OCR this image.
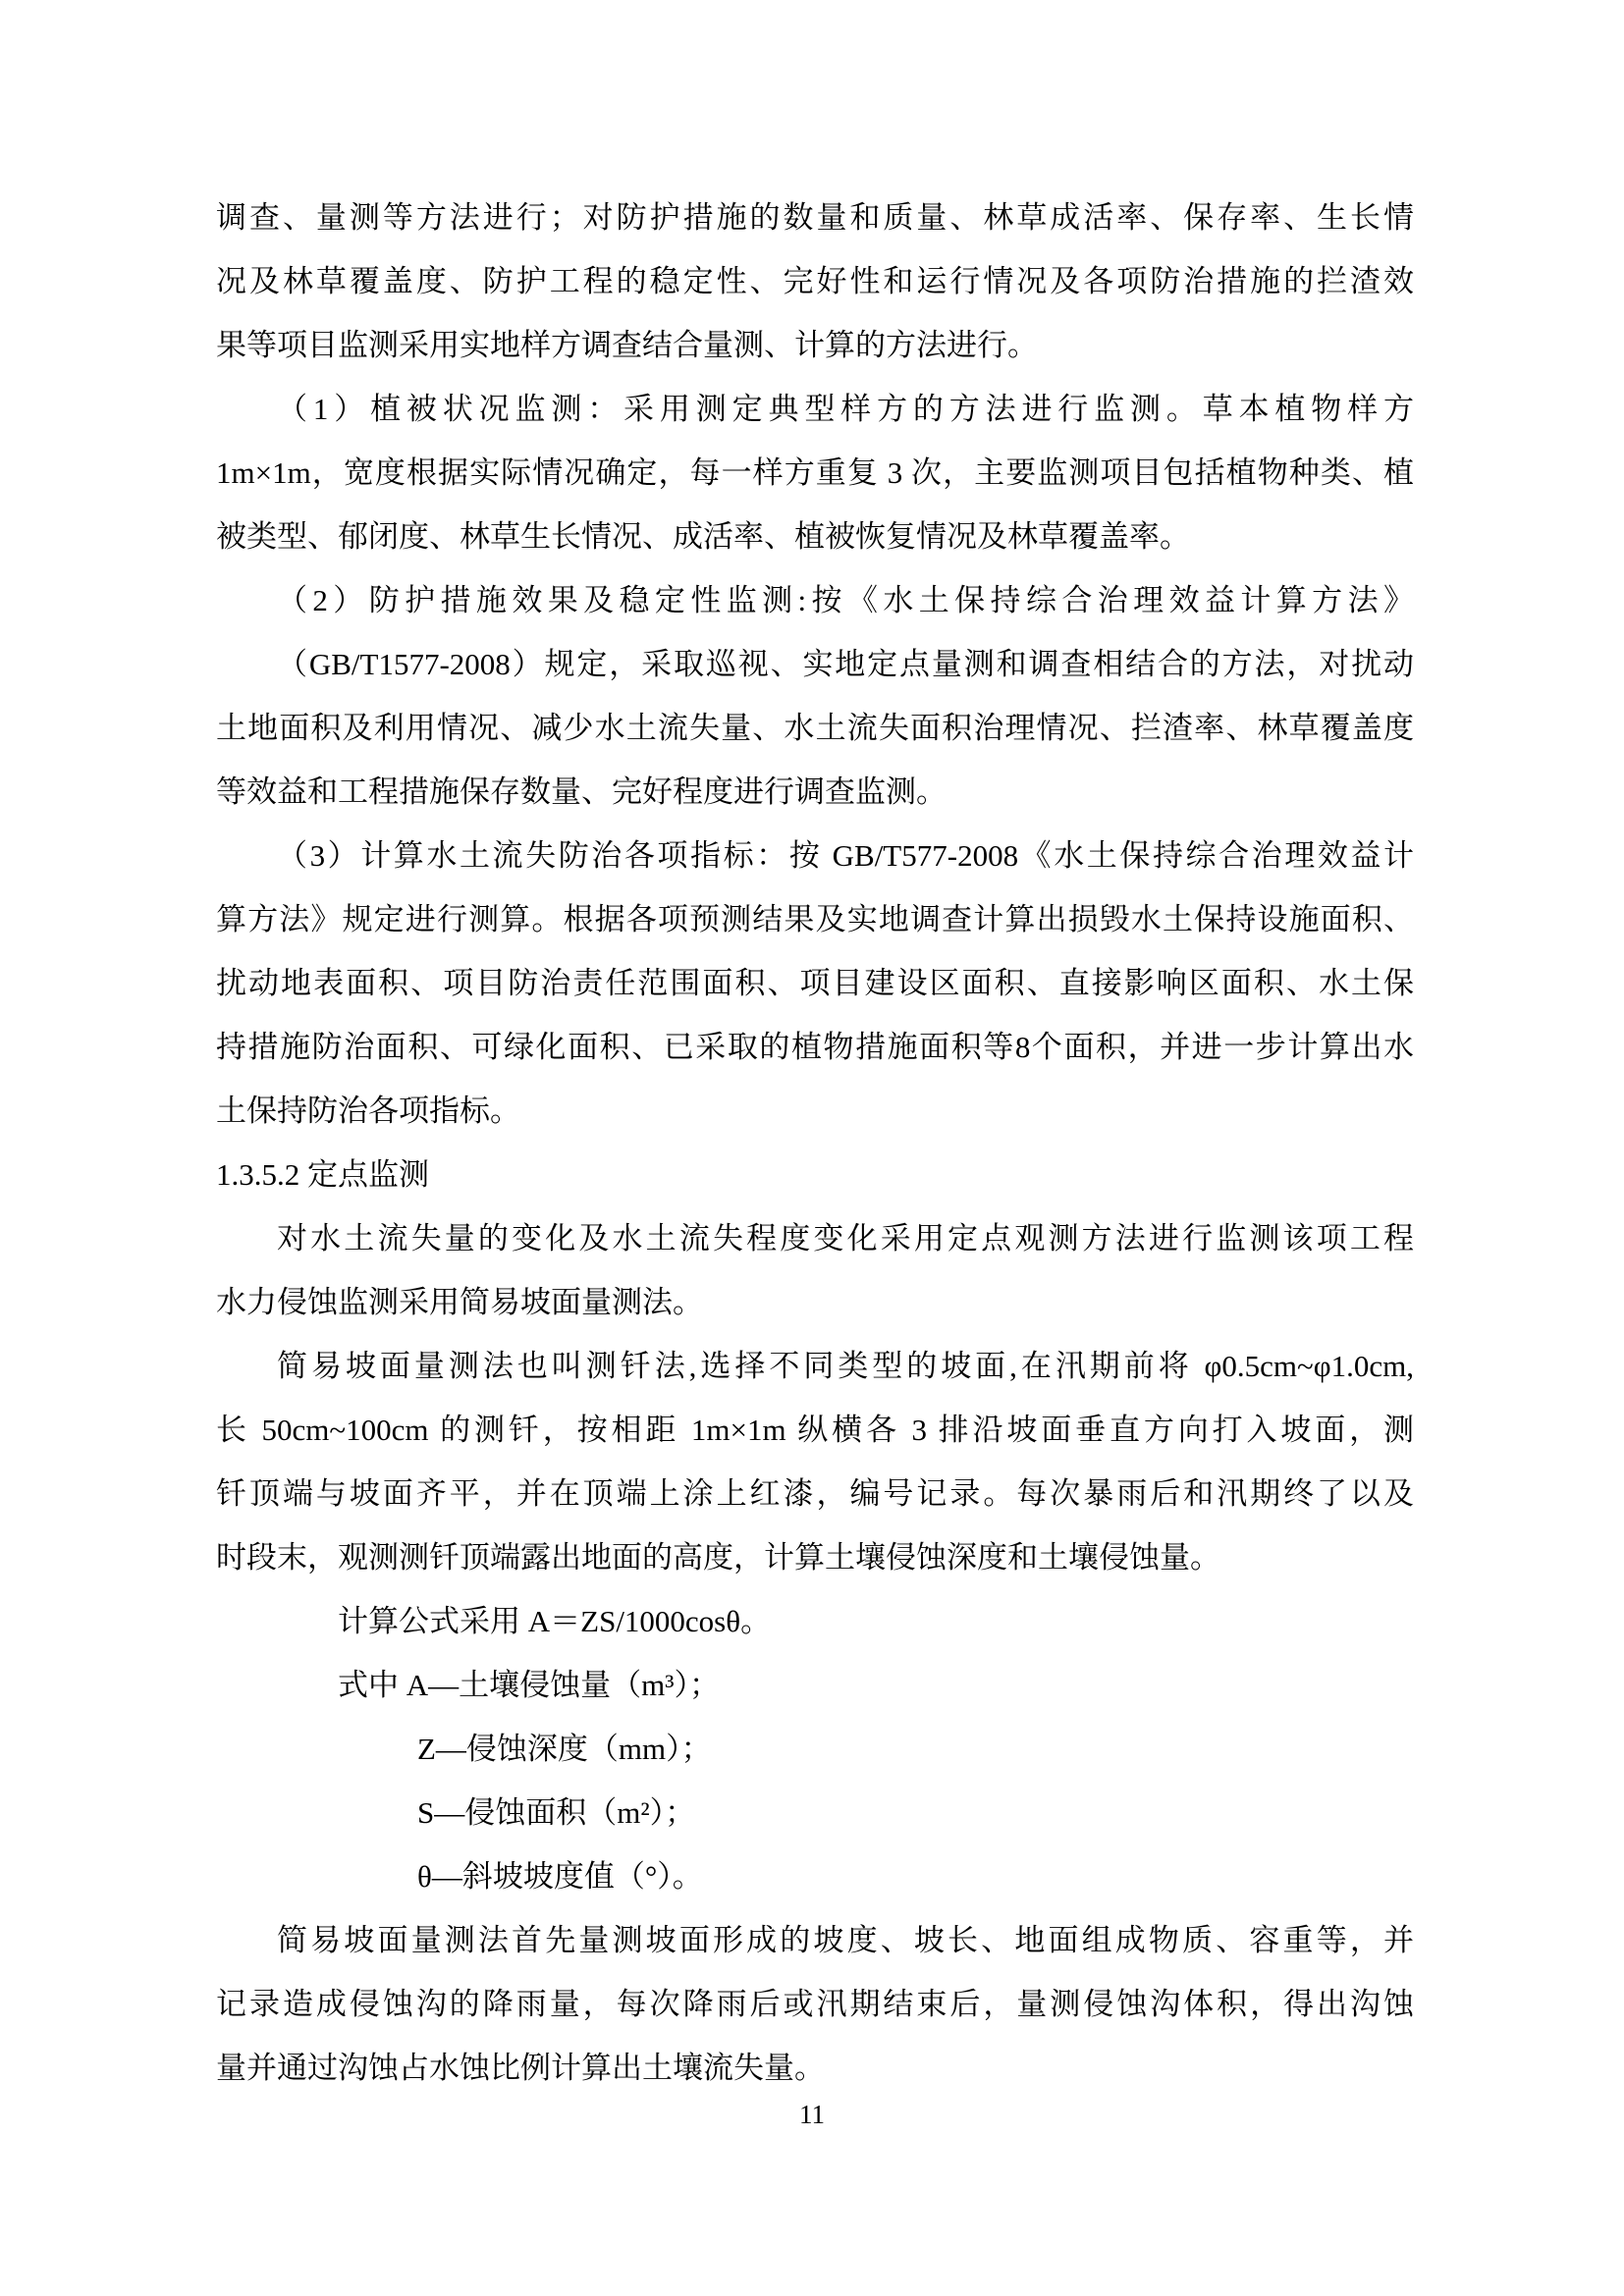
调查、量测等方法进行；对防护措施的数量和质量、林草成活率、保存率、生长情
况及林草覆盖度、防护工程的稳定性、完好性和运行情况及各项防治措施的拦渣效
果等项目监测采用实地样方调查结合量测、计算的方法进行。
（1）植被状况监测：采用测定典型样方的方法进行监测。草本植物样方
1m×1m，宽度根据实际情况确定，每一样方重复 3 次，主要监测项目包括植物种类、植
被类型、郁闭度、林草生长情况、成活率、植被恢复情况及林草覆盖率。
（2）防护措施效果及稳定性监测:按《水土保持综合治理效益计算方法》
（GB/T1577-2008）规定，采取巡视、实地定点量测和调查相结合的方法，对扰动
土地面积及利用情况、减少水土流失量、水土流失面积治理情况、拦渣率、林草覆盖度
等效益和工程措施保存数量、完好程度进行调查监测。
（3）计算水土流失防治各项指标：按 GB/T577-2008《水土保持综合治理效益计
算方法》规定进行测算。根据各项预测结果及实地调查计算出损毁水土保持设施面积、
扰动地表面积、项目防治责任范围面积、项目建设区面积、直接影响区面积、水土保
持措施防治面积、可绿化面积、已采取的植物措施面积等8个面积，并进一步计算出水
土保持防治各项指标。
1.3.5.2 定点监测
对水土流失量的变化及水土流失程度变化采用定点观测方法进行监测该项工程
水力侵蚀监测采用简易坡面量测法。
简易坡面量测法也叫测钎法,选择不同类型的坡面,在汛期前将 φ0.5cm~φ1.0cm,
长 50cm~100cm 的测钎，按相距 1m×1m 纵横各 3 排沿坡面垂直方向打入坡面，测
钎顶端与坡面齐平，并在顶端上涂上红漆，编号记录。每次暴雨后和汛期终了以及
时段末，观测测钎顶端露出地面的高度，计算土壤侵蚀深度和土壤侵蚀量。
计算公式采用 A＝ZS/1000cosθ。
式中 A—土壤侵蚀量（m³）；
Z—侵蚀深度（mm）；
S—侵蚀面积（m²）；
θ—斜坡坡度值（°）。
简易坡面量测法首先量测坡面形成的坡度、坡长、地面组成物质、容重等，并
记录造成侵蚀沟的降雨量，每次降雨后或汛期结束后，量测侵蚀沟体积，得出沟蚀
量并通过沟蚀占水蚀比例计算出土壤流失量。
11
